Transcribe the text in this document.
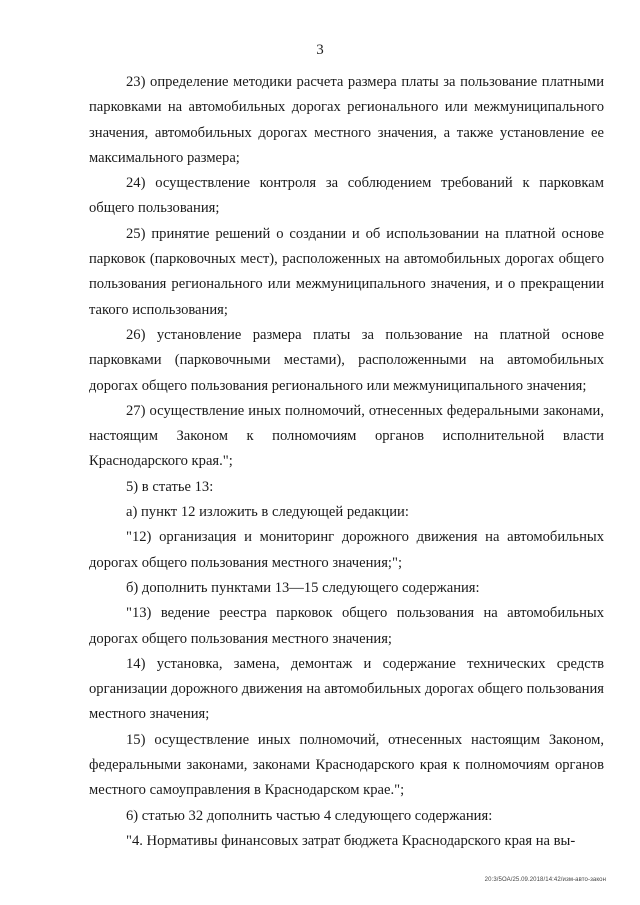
3

23) определение методики расчета размера платы за пользование платными парковками на автомобильных дорогах регионального или межмуниципального значения, автомобильных дорогах местного значения, а также установление ее максимального размера;

24) осуществление контроля за соблюдением требований к парковкам общего пользования;

25) принятие решений о создании и об использовании на платной основе парковок (парковочных мест), расположенных на автомобильных дорогах общего пользования регионального или межмуниципального значения, и о прекращении такого использования;

26) установление размера платы за пользование на платной основе парковками (парковочными местами), расположенными на автомобильных дорогах общего пользования регионального или межмуниципального значения;

27) осуществление иных полномочий, отнесенных федеральными законами, настоящим Законом к полномочиям органов исполнительной власти Краснодарского края.";

5) в статье 13:

а) пункт 12 изложить в следующей редакции:

"12) организация и мониторинг дорожного движения на автомобильных дорогах общего пользования местного значения;";

б) дополнить пунктами 13—15 следующего содержания:

"13) ведение реестра парковок общего пользования на автомобильных дорогах общего пользования местного значения;

14) установка, замена, демонтаж и содержание технических средств организации дорожного движения на автомобильных дорогах общего пользования местного значения;

15) осуществление иных полномочий, отнесенных настоящим Законом, федеральными законами, законами Краснодарского края к полномочиям органов местного самоуправления в Краснодарском крае.";

6) статью 32 дополнить частью 4 следующего содержания:

"4. Нормативы финансовых затрат бюджета Краснодарского края на вы-

20:3/5ОА/25.09.2018/14:42/изм-авто-закон
